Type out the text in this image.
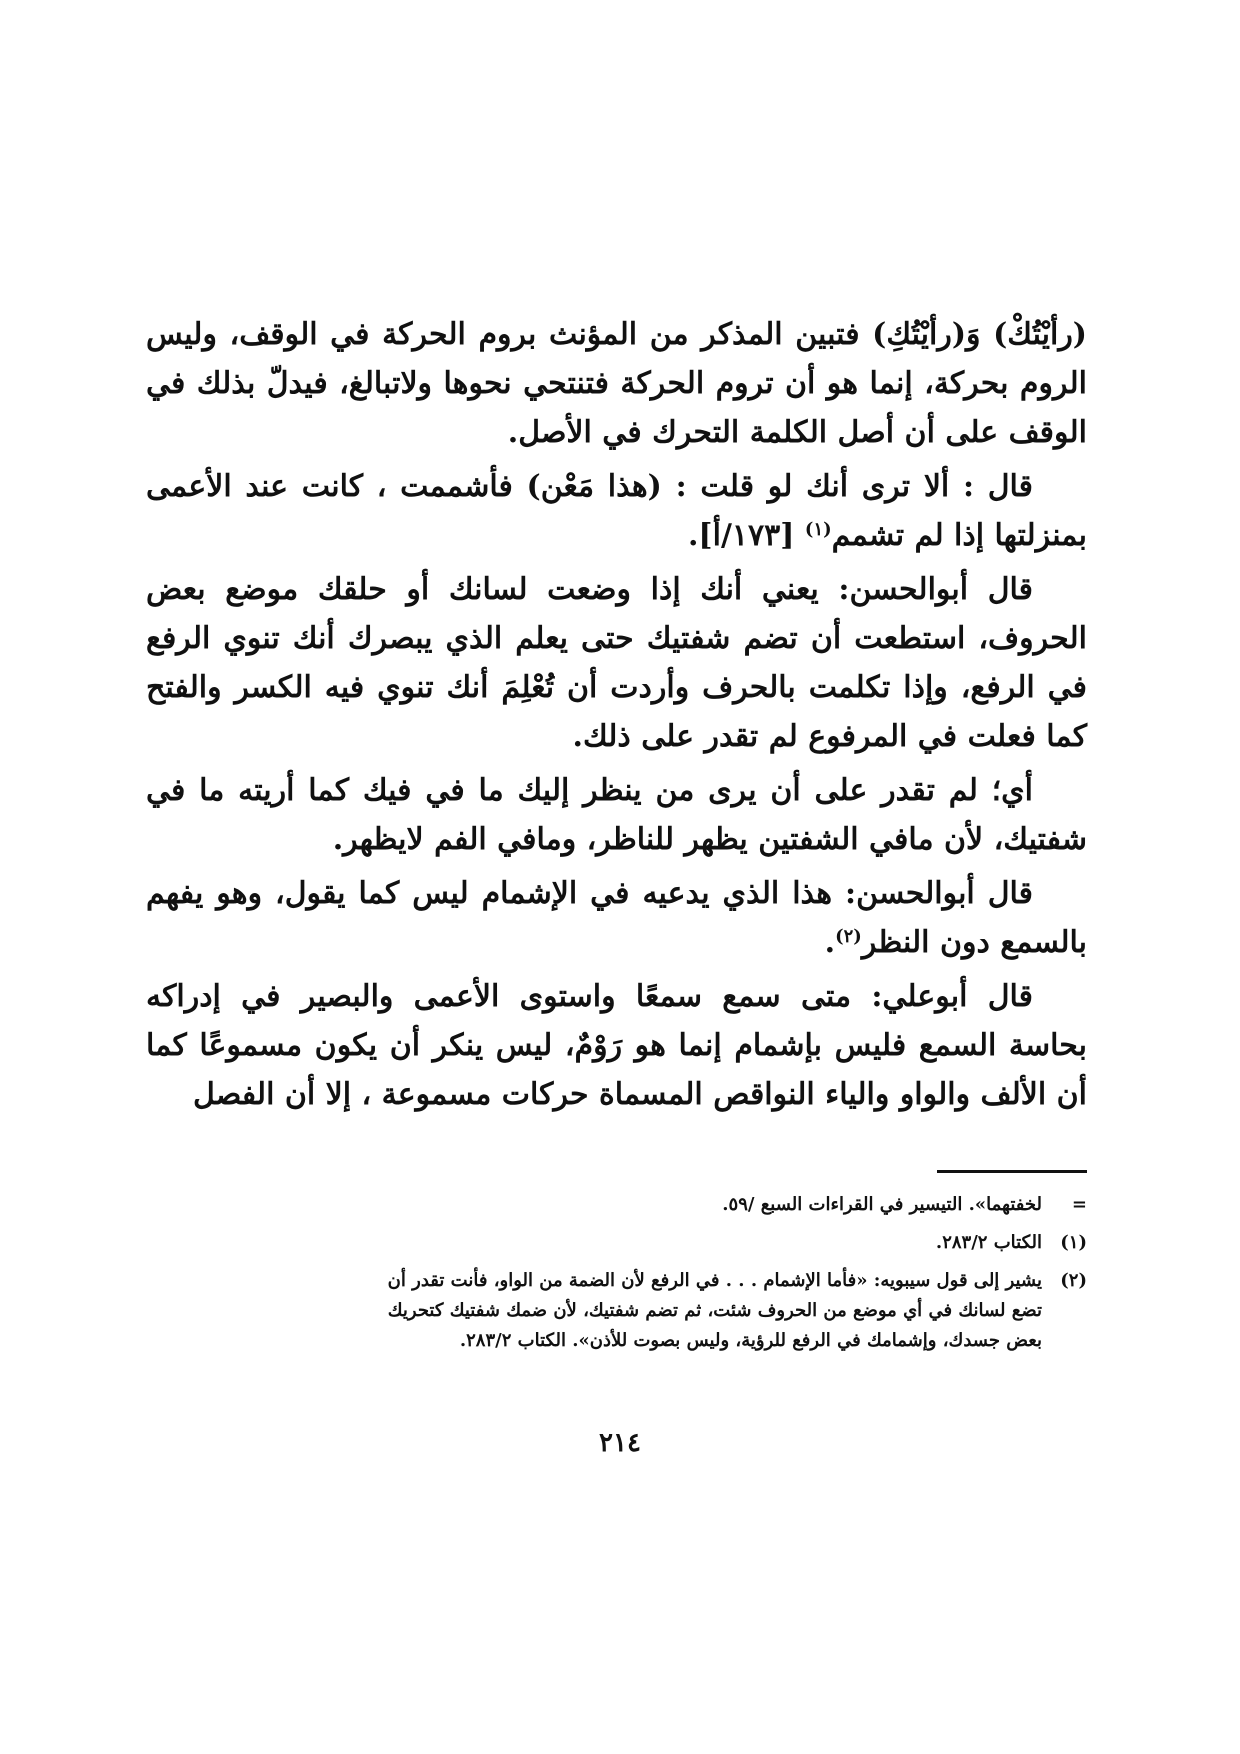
(رأيْتُكْ) وَ(رأيْتُكِ) فتبين المذكر من المؤنث بروم الحركة في الوقف، وليس الروم بحركة، إنما هو أن تروم الحركة فتنتحي نحوها ولاتبالغ، فيدلّ بذلك في الوقف على أن أصل الكلمة التحرك في الأصل.

قال : ألا ترى أنك لو قلت : (هذا مَعْن) فأشممت ، كانت عند الأعمى بمنزلتها إذا لم تشمم$^{(١)}$ [١٧٣/أ].

قال أبوالحسن: يعني أنك إذا وضعت لسانك أو حلقك موضع بعض الحروف، استطعت أن تضم شفتيك حتى يعلم الذي يبصرك أنك تنوي الرفع في الرفع، وإذا تكلمت بالحرف وأردت أن تُعْلِمَ أنك تنوي فيه الكسر والفتح كما فعلت في المرفوع لم تقدر على ذلك.

أي؛ لم تقدر على أن يرى من ينظر إليك ما في فيك كما أريته ما في شفتيك، لأن مافي الشفتين يظهر للناظر، ومافي الفم لايظهر.

قال أبوالحسن: هذا الذي يدعيه في الإشمام ليس كما يقول، وهو يفهم بالسمع دون النظر$^{(٢)}$.

قال أبوعلي: متى سمع سمعًا واستوى الأعمى والبصير في إدراكه بحاسة السمع فليس بإشمام إنما هو رَوْمٌ، ليس ينكر أن يكون مسموعًا كما أن الألف والواو والياء النواقص المسماة حركات مسموعة ، إلا أن الفصل

=
لخفتهما». التيسير في القراءات السبع /٥٩.
(١)
الكتاب ٢٨٣/٢.
(٢)
يشير إلى قول سيبويه: «فأما الإشمام . . . في الرفع لأن الضمة من الواو، فأنت تقدر أن
تضع لسانك في أي موضع من الحروف شئت، ثم تضم شفتيك، لأن ضمك شفتيك كتحريك
بعض جسدك، وإشمامك في الرفع للرؤية، وليس بصوت للأذن». الكتاب ٢٨٣/٢.
٢١٤
